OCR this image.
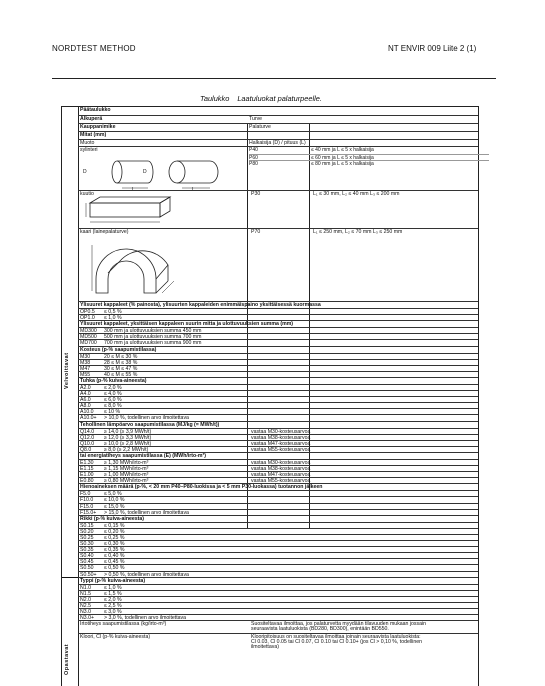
NORDTEST METHOD	NT ENVIR 009 Liite 2 (1)
Taulukko Laatuluokat palaturpeelle.
Velvoittavat
Opastavat
Päätaulukko
Alkuperä	Turve
Kauppanimike	Palaturve
Mitat (mm)
Muoto	Halkaisija (D) / pituus (L)
sylinteri	P40	≤ 40 mm ja L ≤ 5 x halkaisija
P60	≤ 60 mm ja L ≤ 5 x halkaisija
P80	≤ 80 mm ja L ≤ 5 x halkaisija
D	D
L	L
kuutio	P30	L₁ ≤ 30 mm, L₂ ≤ 40 mm L₃ ≤ 200 mm
kaari (lainepalaturve)	P70	L₁ ≤ 250 mm, L₂ ≤ 70 mm L₃ ≤ 250 mm
Ylisuuret kappaleet (% painosta), ylisuurten kappaleiden enimmäispaino yksittäisessä kuormassa
OP0.5	≤ 0,5 %
OP1.0	≤ 1,0 %
Ylisuuret kappaleet, yksittäisen kappaleen suurin mitta ja ulottuvuuksien summa (mm)
MD300	300 mm ja ulottuvuuksien summa 450 mm
MD500	500 mm ja ulottuvuuksien summa 700 mm
MD700	700 mm ja ulottuvuuksien summa 900 mm
Kosteus (p-% saapumistilassa)
M30	20 ≤ M ≤ 30 %
M38	28 ≤ M ≤ 38 %
M47	30 ≤ M ≤ 47 %
M55	40 ≤ M ≤ 55 %
Tuhka (p-% kuiva-aineesta)
A2.0	≤ 2,0 %
A4.0	≤ 4,0 %
A6.0	≤ 6,0 %
A8.0	≤ 8,0 %
A10.0	≤ 10 %
A10.0+	> 10,0 %, todellinen arvo ilmoitettava
Tehollinen lämpöarvo saapumistilassa (MJ/kg (= MWh/t))
Q14.0	≥ 14,0 (≥ 3,9 MWh/t)	vastaa M30-kosteusarvoa
Q12.0	≥ 12,0 (≥ 3,3 MWh/t)	vastaa M38-kosteusarvoa
Q10.0	≥ 10,0 (≥ 2,8 MWh/t)	vastaa M47-kosteusarvoa
Q8.0	≥ 8,0 (≥ 2,2 MWh/t)	vastaa M55-kosteusarvoa
tai energiatiheys saapumistilassa (E) (MWh/irto-m³)
E1.30	≥ 1,30 MWh/irto-m³	vastaa M30-kosteusarvoa
E1.15	≥ 1,15 MWh/irto-m³	vastaa M38-kosteusarvoa
E1.00	≥ 1,00 MWh/irto-m³	vastaa M47-kosteusarvoa
E0.80	≥ 0,80 MWh/irto-m³	vastaa M55-kosteusarvoa
Hienoaineksen määrä (p-%, < 20 mm P40–P80-luokissa ja < 5 mm P30-luokassa) tuotannon jälkeen
F5.0	≤ 5,0 %
F10.0	≤ 10,0 %
F15.0	≤ 15,0 %
F15.0+	> 15,0 %, todellinen arvo ilmoitettava
Rikki (p-% kuiva-aineesta)
S0.15	≤ 0,15 %
S0.20	≤ 0,20 %
S0.25	≤ 0,25 %
S0.30	≤ 0,30 %
S0.35	≤ 0,35 %
S0.40	≤ 0,40 %
S0.45	≤ 0,45 %
S0.50	≤ 0,50 %
S0.50+	> 0,50 %, todellinen arvo ilmoitettava
Typpi (p-% kuiva-aineesta)
N1.0	≤ 1,0 %
N1.5	≤ 1,5 %
N2.0	≤ 2,0 %
N2.5	≤ 2,5 %
N3.0	≤ 3,0 %
N3.0+	> 3,0 %, todellinen arvo ilmoitettava
Irtotiheys saapumistilassa (kg/irto-m³)	Suositeltavaa ilmoittaa, jos palaturvetta myydään tilavuuden mukaan jossain
seuraavista laatuluokista (BD280, BD300), enintään BD550.
Kloori, Cl (p-% kuiva-aineesta)	Klooripitoisuus on suositeltavaa ilmoittaa joinain seuraavista laatuluokista:
Cl 0.03, Cl 0.05 tai Cl 0.07, Cl 0.10 tai Cl 0.10+ (jos Cl > 0,10 %, todellinen
ilmoitettava)
